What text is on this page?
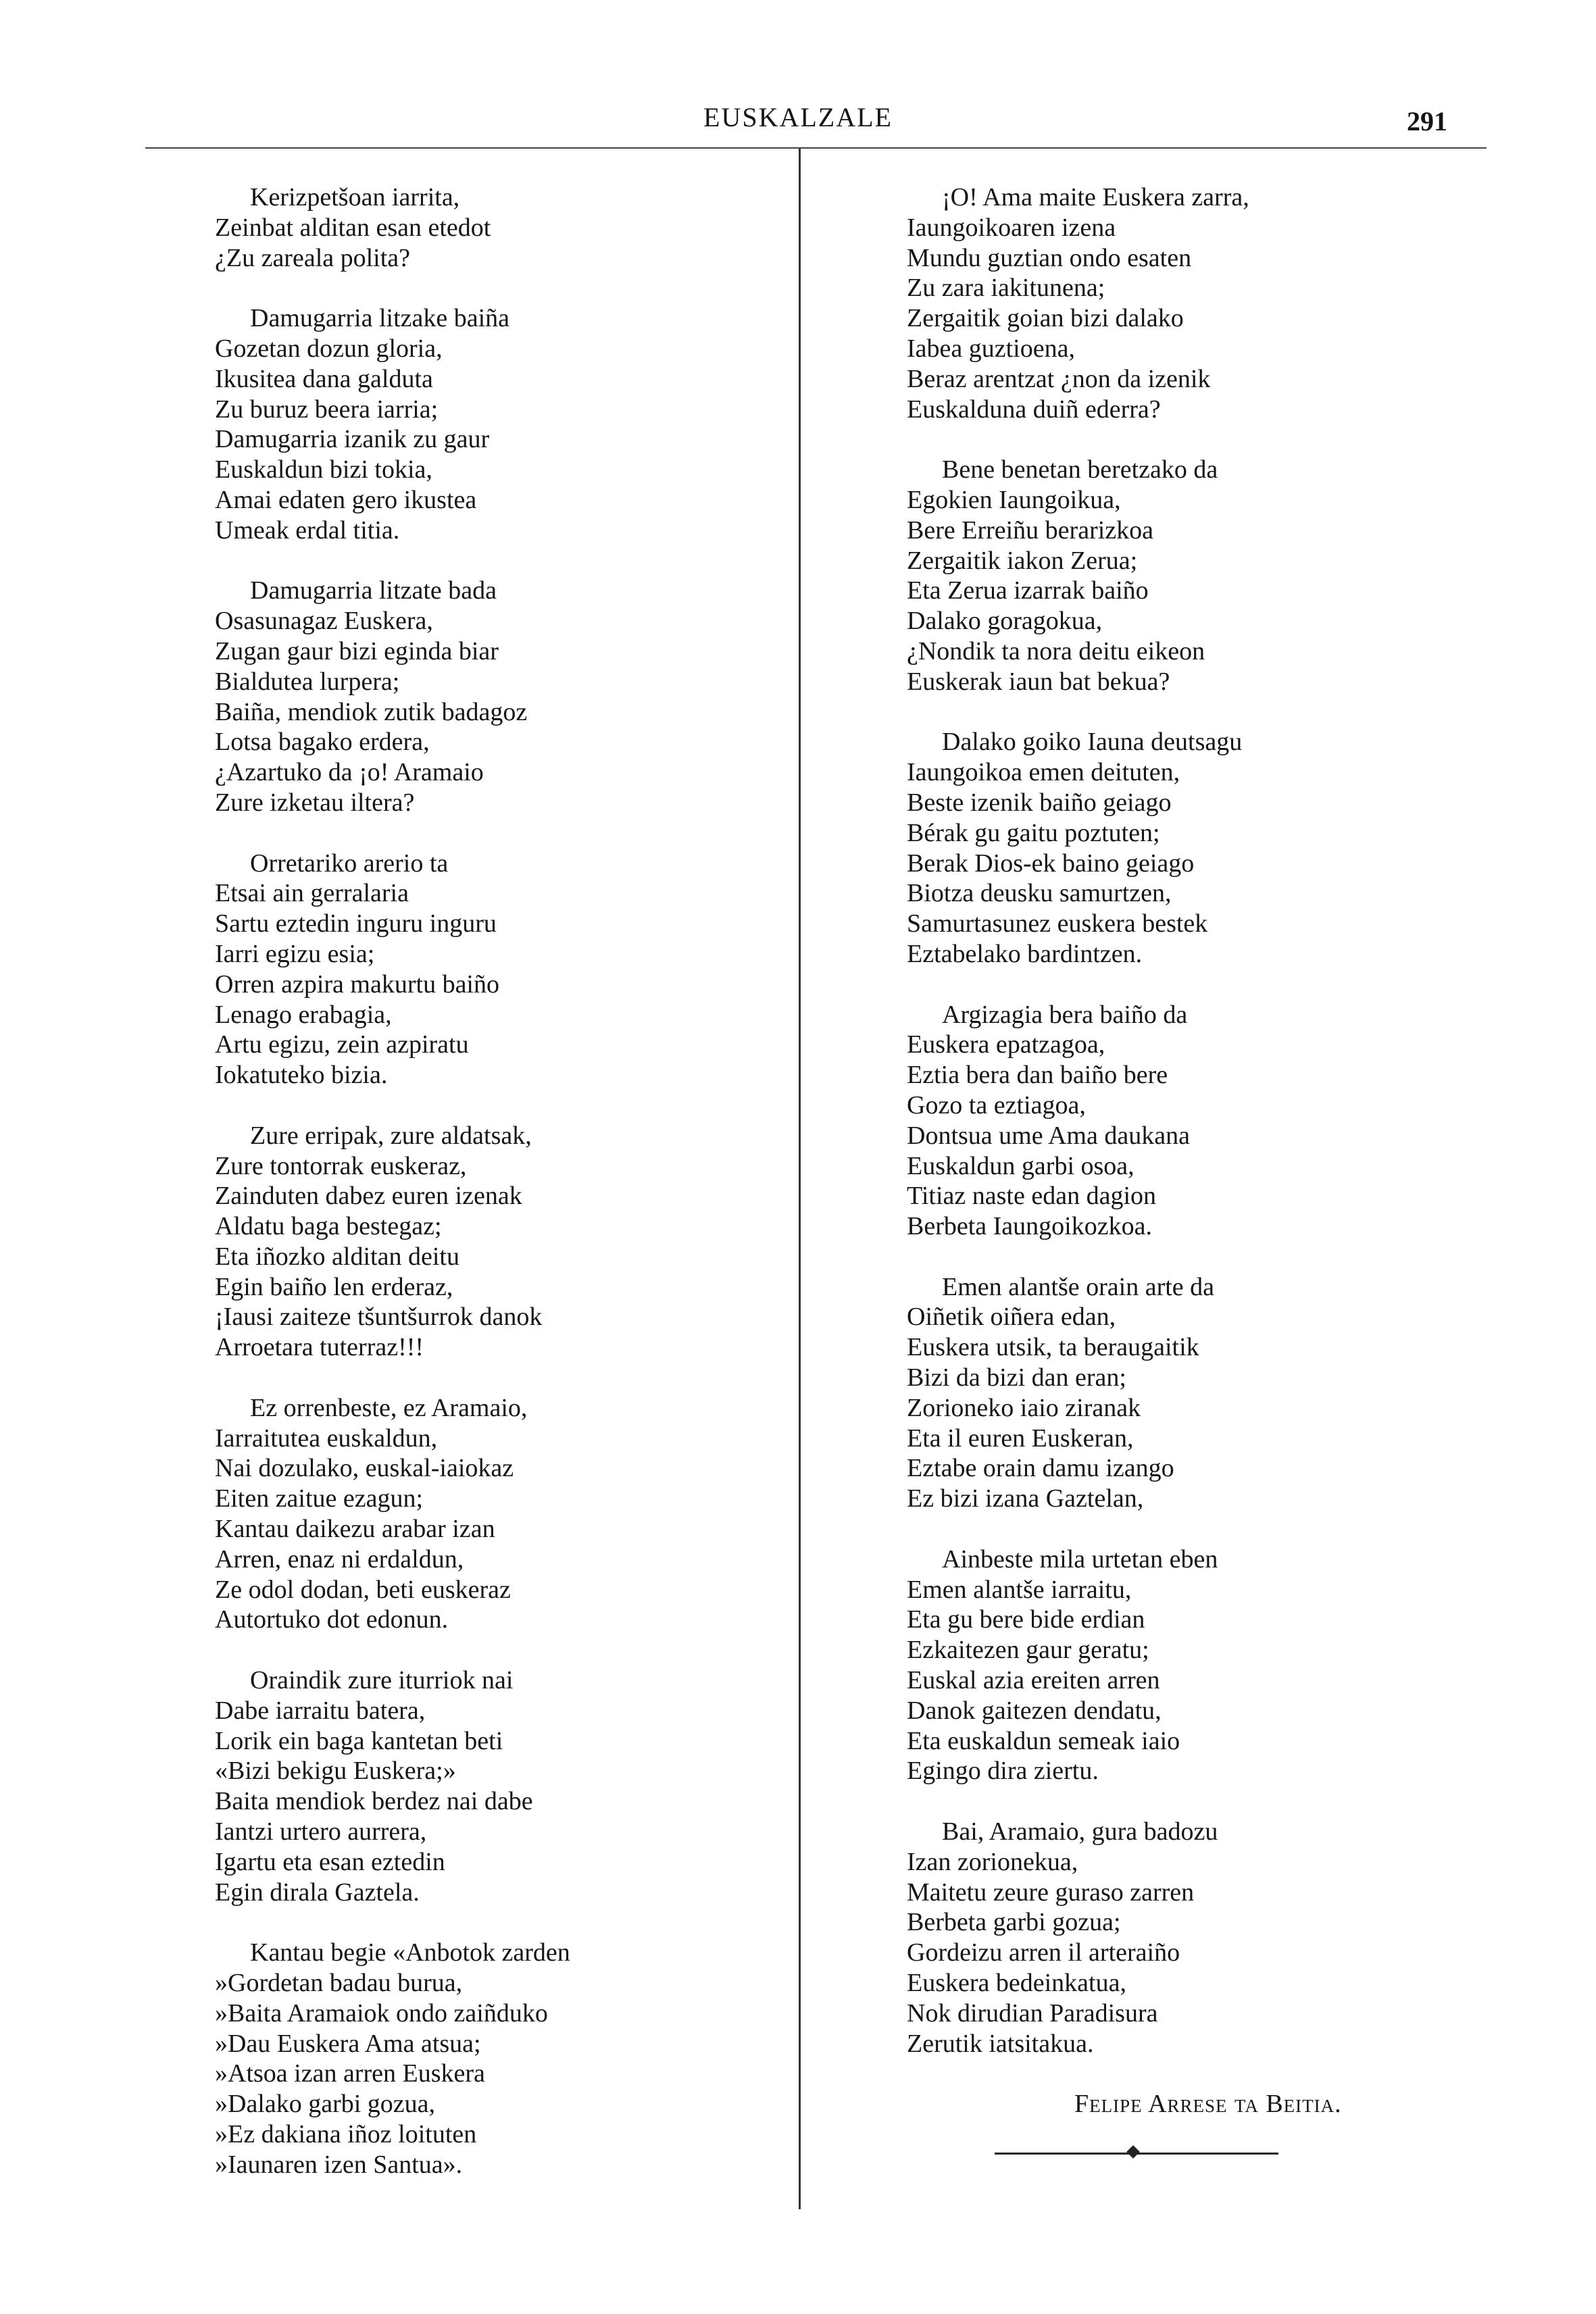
EUSKALZALE	291
Kerizpetšoan iarrita,
Zeinbat alditan esan etedot
¿Zu zareala polita?
Damugarria litzake baiña
Gozetan dozun gloria,
Ikusitea dana galduta
Zu buruz beera iarria;
Damugarria izanik zu gaur
Euskaldun bizi tokia,
Amai edaten gero ikustea
Umeak erdal titia.
Damugarria litzate bada
Osasunagaz Euskera,
Zugan gaur bizi eginda biar
Bialdutea lurpera;
Baiña, mendiok zutik badagoz
Lotsa bagako erdera,
¿Azartuko da ¡o! Aramaio
Zure izketau iltera?
Orretariko arerio ta
Etsai ain gerralaria
Sartu eztedin inguru inguru
Iarri egizu esia;
Orren azpira makurtu baiño
Lenago erabagia,
Artu egizu, zein azpiratu
Iokatuteko bizia.
Zure erripak, zure aldatsak,
Zure tontorrak euskeraz,
Zainduten dabez euren izenak
Aldatu baga bestegaz;
Eta iñozko alditan deitu
Egin baiño len erderaz,
¡Iausi zaiteze tšuntšurrok danok
Arroetara tuterraz!!!
Ez orrenbeste, ez Aramaio,
Iarraitutea euskaldun,
Nai dozulako, euskal-iaiokaz
Eiten zaitue ezagun;
Kantau daikezu arabar izan
Arren, enaz ni erdaldun,
Ze odol dodan, beti euskeraz
Autortuko dot edonun.
Oraindik zure iturriok nai
Dabe iarraitu batera,
Lorik ein baga kantetan beti
«Bizi bekigu Euskera;»
Baita mendiok berdez nai dabe
Iantzi urtero aurrera,
Igartu eta esan eztedin
Egin dirala Gaztela.
Kantau begie «Anbotok zarden
»Gordetan badau burua,
»Baita Aramaiok ondo zaiñduko
»Dau Euskera Ama atsua;
»Atsoa izan arren Euskera
»Dalako garbi gozua,
»Ez dakiana iñoz loituten
»Iaunaren izen Santua».
¡O! Ama maite Euskera zarra,
Iaungoikoaren izena
Mundu guztian ondo esaten
Zu zara iakitunena;
Zergaitik goian bizi dalako
Iabea guztioena,
Beraz arentzat ¿non da izenik
Euskalduna duiñ ederra?
Bene benetan beretzako da
Egokien Iaungoikua,
Bere Erreiñu berarizkoa
Zergaitik iakon Zerua;
Eta Zerua izarrak baiño
Dalako goragokua,
¿Nondik ta nora deitu eikeon
Euskerak iaun bat bekua?
Dalako goiko Iauna deutsagu
Iaungoikoa emen deituten,
Beste izenik baiño geiago
Bérak gu gaitu poztuten;
Berak Dios-ek baino geiago
Biotza deusku samurtzen,
Samurtasunez euskera bestek
Eztabelako bardintzen.
Argizagia bera baiño da
Euskera epatzagoa,
Eztia bera dan baiño bere
Gozo ta eztiagoa,
Dontsua ume Ama daukana
Euskaldun garbi osoa,
Titiaz naste edan dagion
Berbeta Iaungoikozkoa.
Emen alantše orain arte da
Oiñetik oiñera edan,
Euskera utsik, ta beraugaitik
Bizi da bizi dan eran;
Zorioneko iaio ziranak
Eta il euren Euskeran,
Eztabe orain damu izango
Ez bizi izana Gaztelan,
Ainbeste mila urtetan eben
Emen alantše iarraitu,
Eta gu bere bide erdian
Ezkaitezen gaur geratu;
Euskal azia ereiten arren
Danok gaitezen dendatu,
Eta euskaldun semeak iaio
Egingo dira ziertu.
Bai, Aramaio, gura badozu
Izan zorionekua,
Maitetu zeure guraso zarren
Berbeta garbi gozua;
Gordeizu arren il arteraiño
Euskera bedeinkatua,
Nok dirudian Paradisura
Zerutik iatsitakua.
Felipe Arrese ta Beitia.
